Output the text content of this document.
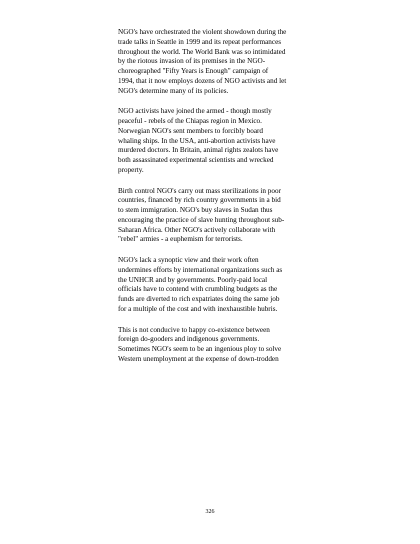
NGO's have orchestrated the violent showdown during the
trade talks in Seattle in 1999 and its repeat performances
throughout the world. The World Bank was so intimidated
by the riotous invasion of its premises in the NGO-
choreographed "Fifty Years is Enough" campaign of
1994, that it now employs dozens of NGO activists and let
NGO's determine many of its policies.
NGO activists have joined the armed - though mostly
peaceful - rebels of the Chiapas region in Mexico.
Norwegian NGO's sent members to forcibly board
whaling ships. In the USA, anti-abortion activists have
murdered doctors. In Britain, animal rights zealots have
both assassinated experimental scientists and wrecked
property.
Birth control NGO's carry out mass sterilizations in poor
countries, financed by rich country governments in a bid
to stem immigration. NGO's buy slaves in Sudan thus
encouraging the practice of slave hunting throughout sub-
Saharan Africa. Other NGO's actively collaborate with
"rebel" armies - a euphemism for terrorists.
NGO's lack a synoptic view and their work often
undermines efforts by international organizations such as
the UNHCR and by governments. Poorly-paid local
officials have to contend with crumbling budgets as the
funds are diverted to rich expatriates doing the same job
for a multiple of the cost and with inexhaustible hubris.
This is not conducive to happy co-existence between
foreign do-gooders and indigenous governments.
Sometimes NGO's seem to be an ingenious ploy to solve
Western unemployment at the expense of down-trodden
326
